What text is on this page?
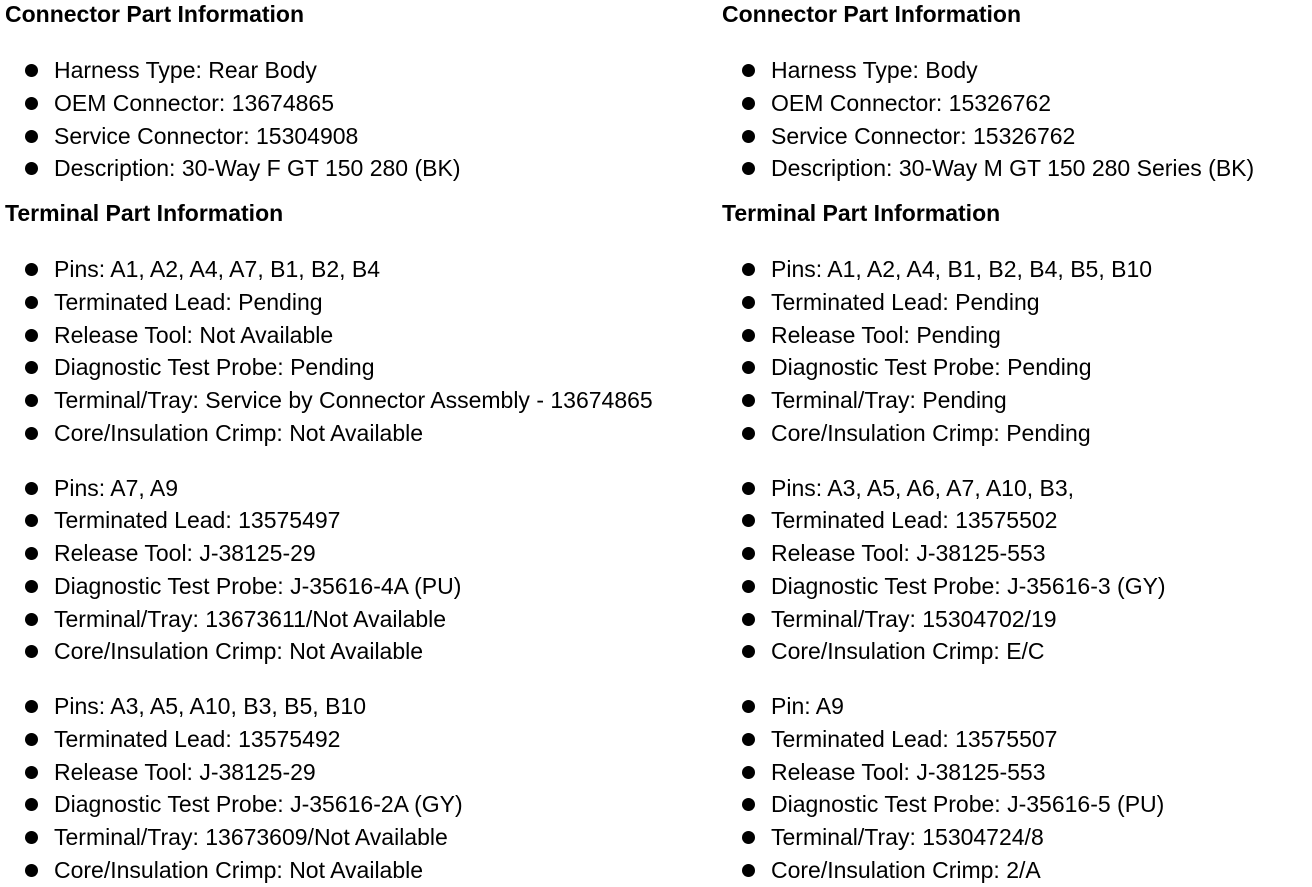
Connector Part Information
Harness Type: Rear Body
OEM Connector: 13674865
Service Connector: 15304908
Description: 30-Way F GT 150 280 (BK)
Terminal Part Information
Pins: A1, A2, A4, A7, B1, B2, B4
Terminated Lead: Pending
Release Tool: Not Available
Diagnostic Test Probe: Pending
Terminal/Tray: Service by Connector Assembly - 13674865
Core/Insulation Crimp: Not Available
Pins: A7, A9
Terminated Lead: 13575497
Release Tool: J-38125-29
Diagnostic Test Probe: J-35616-4A (PU)
Terminal/Tray: 13673611/Not Available
Core/Insulation Crimp: Not Available
Pins: A3, A5, A10, B3, B5, B10
Terminated Lead: 13575492
Release Tool: J-38125-29
Diagnostic Test Probe: J-35616-2A (GY)
Terminal/Tray: 13673609/Not Available
Core/Insulation Crimp: Not Available
Connector Part Information
Harness Type: Body
OEM Connector: 15326762
Service Connector: 15326762
Description: 30-Way M GT 150 280 Series (BK)
Terminal Part Information
Pins: A1, A2, A4, B1, B2, B4, B5, B10
Terminated Lead: Pending
Release Tool: Pending
Diagnostic Test Probe: Pending
Terminal/Tray: Pending
Core/Insulation Crimp: Pending
Pins: A3, A5, A6, A7, A10, B3,
Terminated Lead: 13575502
Release Tool: J-38125-553
Diagnostic Test Probe: J-35616-3 (GY)
Terminal/Tray: 15304702/19
Core/Insulation Crimp: E/C
Pin: A9
Terminated Lead: 13575507
Release Tool: J-38125-553
Diagnostic Test Probe: J-35616-5 (PU)
Terminal/Tray: 15304724/8
Core/Insulation Crimp: 2/A
